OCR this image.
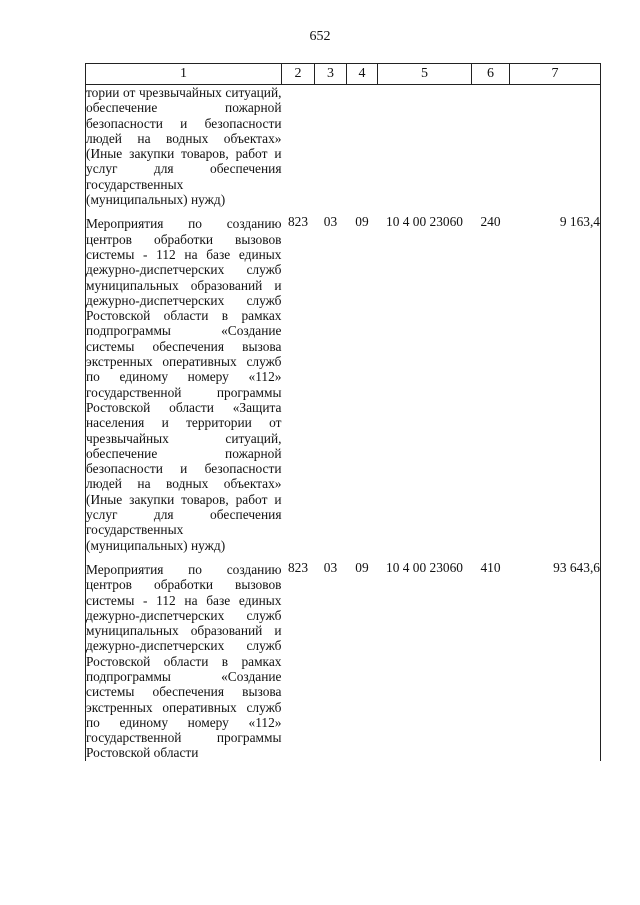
652
1	2	3	4	5	6	7
тории от чрезвычайных ситуаций, обеспечение пожарной безопасности и безопасности людей на водных объектах» (Иные закупки товаров, работ и услуг для обеспечения государственных (муниципальных) нужд)						
Мероприятия по созданию центров обработки вызовов системы - 112 на базе единых дежурно-диспетчерских служб муниципальных образований и дежурно-диспетчерских служб Ростовской области в рамках подпрограммы «Создание системы обеспечения вызова экстренных оперативных служб по единому номеру «112» государственной программы Ростовской области «Защита населения и территории от чрезвычайных ситуаций, обеспечение пожарной безопасности и безопасности людей на водных объектах» (Иные закупки товаров, работ и услуг для обеспечения государственных (муниципальных) нужд)	823	03	09	10 4 00 23060	240	9 163,4
Мероприятия по созданию центров обработки вызовов системы - 112 на базе единых дежурно-диспетчерских служб муниципальных образований и дежурно-диспетчерских служб Ростовской области в рамках подпрограммы «Создание системы обеспечения вызова экстренных оперативных служб по единому номеру «112» государственной программы Ростовской области	823	03	09	10 4 00 23060	410	93 643,6
